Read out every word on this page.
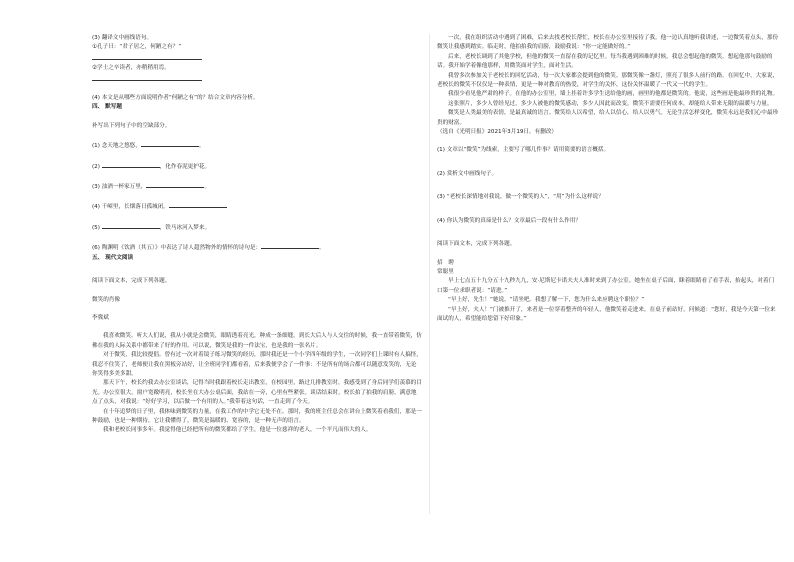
(3) 翻译文中画线语句。

①孔子曰：“君子居之，何陋之有？”

②学士之卒读者，亦稍稍用焉。

(4) 本文是从哪些方面说明作者“何陋之有”的？结合文章内容分析。

四、 默写题

补写出下列句子中的空缺部分。

(1) 念天地之悠悠，	。

(2)	，化作春泥更护花。

(3) 浊酒一杯家万里，	。

(4) 千嶂里，长烟落日孤城闭。

(5)	，铁马冰河入梦来。

(6) 陶渊明《饮酒（其五）》中表达了诗人超然物外的情怀的诗句是：	。

五、 现代文阅读

阅读下面文本，完成下列各题。

微笑的肖像

李冀斌

我喜欢微笑。听大人们说，我从小就是会微笑，眼睛透着亮光，种成一条细缝。到长大后人与人交往的时候，我一直带着微笑，仿佛在我的人际关系中都带来了好的作用。可以说，微笑是我的一件法宝，也是我的一张名片。

对于微笑，我比较提倡。曾有过一次对着镜子练习微笑的经历，那时我还是一个小学四年级的学生，一次同学们上课时有人搞怪，我忍不住笑了，老师便让我在黑板旁站好，让全班同学们都看着，后来我便学会了一件事：不是所有的场合都可以随意发笑的，无论你笑得多美多甜。

那天下午，校长约我去办公室谈话，记得当时我跟着校长走出教室，在校园里，路过几排教室时，我感受到了身后同学们羡慕的目光。办公室很大，窗户宽敞明亮，校长坐在大办公桌后面，我站在一旁，心里有些紧张。谈话结束时，校长拍了拍我的肩膀，满意地点了点头，对我说：“好好学习，以后做一个有用的人。”我带着这句话，一直走到了今天。

在十年追梦的日子里，我体味到微笑的力量，在我工作的中学它无处不在。那时，我的班主任总会在讲台上微笑着看我们，那是一种鼓励，也是一种期待，它让我懂得了，微笑是温暖的、宽容的，是一种无声的语言。

我和老校长同事多年。我觉得他已经把所有的微笑都给了学生，他是一位慈祥的老人，一个平凡而伟大的人。

一次，我在组织活动中遇到了困难，后来去找老校长帮忙，校长在办公室里接待了我。他一边认真地听我讲述，一边微笑着点头，那份微笑让我感到踏实。临走时，他拍拍我的肩膀，鼓励我说：“你一定能做好的。”

后来，老校长调到了其他学校，但他的微笑一直留在我的记忆里。每当我遇到困难的时候，我总会想起他的微笑，想起他那句鼓励的话。我开始学着像他那样，用微笑面对学生，面对生活。

我曾多次参加关于老校长的回忆活动，每一次大家都会提到他的微笑。那微笑像一盏灯，照亮了很多人前行的路。在回忆中，大家说，老校长的微笑不仅仅是一种表情，更是一种对教育的热爱，对学生的关怀，这份关怀温暖了一代又一代的学生。

我很少看见他严肃的样子。在他的办公室里，墙上挂着许多学生送给他的画，画里的他都是微笑的。他说，这些画是他最珍贵的礼物。

这张照片，多少人曾经见过，多少人被他的微笑感动，多少人因此而改变。微笑不需要任何成本，却能给人带来无限的温暖与力量。

微笑是人类最美的表情，是最真诚的语言。微笑给人以希望，给人以信心，给人以勇气。无论生活怎样变化，微笑永远是我们心中最珍贵的财富。

（选自《光明日报》2021年3月19日，有删改）

(1) 文章以“微笑”为线索，主要写了哪几件事？请用简要的语言概括。

(2) 赏析文中画线句子。

(3) “老校长深情地对我说，做一个微笑的人”，“用”为什么这样说？

(4) 你认为微笑的真谛是什么？文章最后一段有什么作用？

阅读下面文本，完成下列各题。

招　聘

常聪里

早上七点五十九分五十九秒九九，安·尼斯尼卡诺夫夫人准时来到了办公室。她坐在桌子后面，眯着眼睛看了看手表，抬起头，对着门口第一位求职者说：“请进。”

“早上好，先生！”她说，“请坐吧。我想了解一下，您为什么来应聘这个职位？”

“早上好，夫人！”门被推开了，来者是一位穿着整齐的年轻人，他微笑着走进来，在桌子前站好，问候道：“您好，我是今天第一位来面试的人，希望能给您留下好印象。”
